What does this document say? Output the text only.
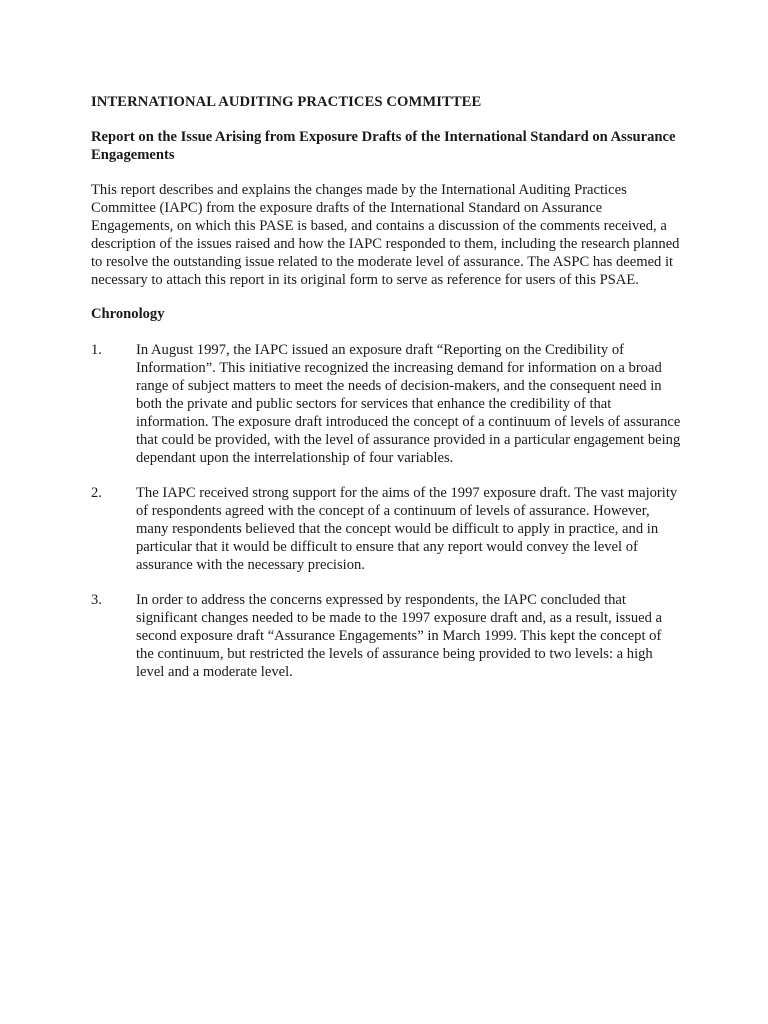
INTERNATIONAL AUDITING PRACTICES COMMITTEE
Report on the Issue Arising from Exposure Drafts of the International Standard on Assurance Engagements
This report describes and explains the changes made by the International Auditing Practices Committee (IAPC) from the exposure drafts of the International Standard on Assurance Engagements, on which this PASE is based, and contains a discussion of the comments received, a description of the issues raised and how the IAPC responded to them, including the research planned to resolve the outstanding issue related to the moderate level of assurance. The ASPC has deemed it necessary to attach this report in its original form to serve as reference for users of this PSAE.
Chronology
1.	In August 1997, the IAPC issued an exposure draft “Reporting on the Credibility of Information”. This initiative recognized the increasing demand for information on a broad range of subject matters to meet the needs of decision-makers, and the consequent need in both the private and public sectors for services that enhance the credibility of that information. The exposure draft introduced the concept of a continuum of levels of assurance that could be provided, with the level of assurance provided in a particular engagement being dependant upon the interrelationship of four variables.
2.	The IAPC received strong support for the aims of the 1997 exposure draft. The vast majority of respondents agreed with the concept of a continuum of levels of assurance. However, many respondents believed that the concept would be difficult to apply in practice, and in particular that it would be difficult to ensure that any report would convey the level of assurance with the necessary precision.
3.	In order to address the concerns expressed by respondents, the IAPC concluded that significant changes needed to be made to the 1997 exposure draft and, as a result, issued a second exposure draft “Assurance Engagements” in March 1999. This kept the concept of the continuum, but restricted the levels of assurance being provided to two levels: a high level and a moderate level.
